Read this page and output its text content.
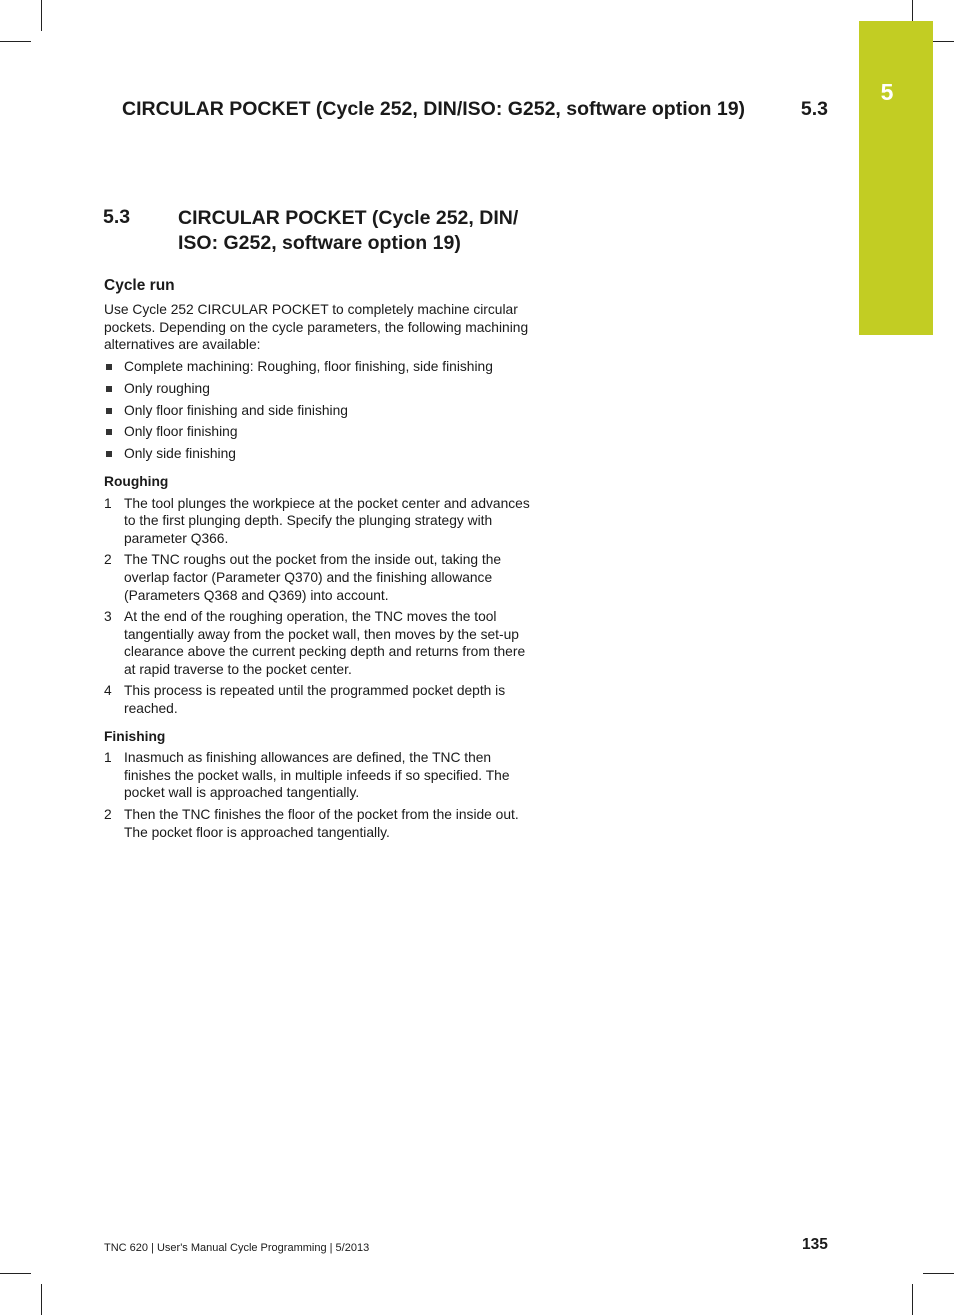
5
CIRCULAR POCKET (Cycle 252, DIN/ISO: G252, software option 19)	5.3
5.3 CIRCULAR POCKET (Cycle 252, DIN/ ISO: G252, software option 19)
Cycle run

Use Cycle 252 CIRCULAR POCKET to completely machine circular pockets. Depending on the cycle parameters, the following machining alternatives are available:

Complete machining: Roughing, floor finishing, side finishing
Only roughing
Only floor finishing and side finishing
Only floor finishing
Only side finishing
Roughing
1 The tool plunges the workpiece at the pocket center and advances to the first plunging depth. Specify the plunging strategy with parameter Q366.
2 The TNC roughs out the pocket from the inside out, taking the overlap factor (Parameter Q370) and the finishing allowance (Parameters Q368 and Q369) into account.
3 At the end of the roughing operation, the TNC moves the tool tangentially away from the pocket wall, then moves by the set-up clearance above the current pecking depth and returns from there at rapid traverse to the pocket center.
4 This process is repeated until the programmed pocket depth is reached.
Finishing
1 Inasmuch as finishing allowances are defined, the TNC then finishes the pocket walls, in multiple infeeds if so specified. The pocket wall is approached tangentially.
2 Then the TNC finishes the floor of the pocket from the inside out. The pocket floor is approached tangentially.
TNC 620 | User's Manual Cycle Programming | 5/2013	135
